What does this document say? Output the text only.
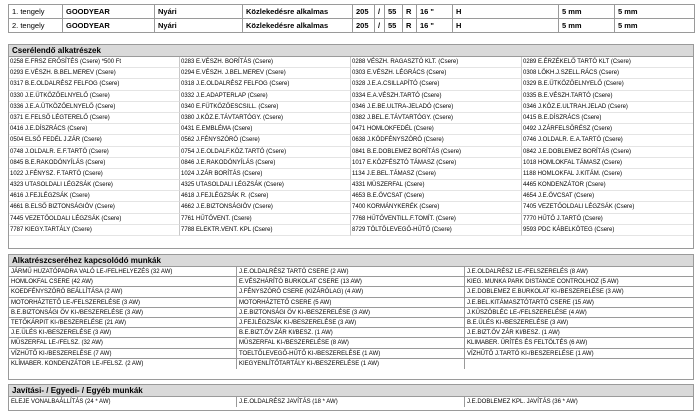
1. tengely	GOODYEAR	Nyári	Közlekedésre alkalmas	205	/	55	R	16 "	H	5 mm	5 mm
2. tengely	GOODYEAR	Nyári	Közlekedésre alkalmas	205	/	55	R	16 "	H	5 mm	5 mm
Cserélendő alkatrészek
0258 E.FRSZ ERŐSÍTÉS (Csere) *500 Ft	0283 E.VÉSZH. BORÍTÁS (Csere)	0288 VÉSZH. RAGASZTÓ KLT. (Csere)	0289 E.ÉRZÉKELŐ TARTÓ KLT (Csere)
0293 E.VÉSZH. B.BEL.MEREV (Csere)	0294 E.VÉSZH. J.BEL.MEREV (Csere)	0303 E.VÉSZH. LÉGRÁCS (Csere)	0308 LÖKH.J.SZELL.RÁCS (Csere)
0317 B.E.OLDALRÉSZ FELFOG (Csere)	0318 J.E.OLDALRÉSZ FELFOG (Csere)	0328 J.E.A.CSILLAPÍTÓ (Csere)	0329 B.E.ÜTKÖZŐELNYELŐ (Csere)
0330 J.E.ÜTKÖZŐELNYELŐ (Csere)	0332 J.E.ADAPTERLAP (Csere)	0334 E.A.VÉSZH.TARTÓ (Csere)	0335 B.E.VÉSZH.TARTÓ (Csere)
0336 J.E.A.ÜTKÖZŐELNYELŐ (Csere)	0340 E.FÜTKÖZŐESCSILL. (Csere)	0346 J.E.BE.ULTRA-JELADÓ (Csere)	0346 J.KÖZ.E.ULTRAH.JELAD (Csere)
0371 E.FELSŐ LÉGTERELŐ (Csere)	0380 J.KÖZ.E.TÁVTARTÓGY. (Csere)	0382 J.BEL.E.TÁVTARTÓGY. (Csere)	0415 B.E.DÍSZRÁCS (Csere)
0416 J.E.DÍSZRÁCS (Csere)	0431 E.EMBLÉMA (Csere)	0471 HOMLOKFEDÉL (Csere)	0492 J.ZÁRFELSŐRÉSZ (Csere)
0504 ELSŐ FEDÉL J.ZÁR (Csere)	0562 J.FÉNYSZÓRÓ (Csere)	0638 J.KÖDFÉNYSZÓRÓ (Csere)	0746 J.OLDALR. E.A.TARTÓ (Csere)
0748 J.OLDALR. E.F.TARTÓ (Csere)	0754 J.E.OLDALF.KÖZ.TARTÓ (Csere)	0841 B.E.DOBLEMEZ BORÍTÁS (Csere)	0842 J.E.DOBLEMEZ BORÍTÁS (Csere)
0845 B.E.RAKODÓNYÍLÁS (Csere)	0846 J.E.RAKODÓNYÍLÁS (Csere)	1017 E.KÖZFÉSZTÓ TÁMASZ (Csere)	1018 HOMLOKFAL TÁMASZ (Csere)
1022 J.FÉNYSZ. F.TARTÓ (Csere)	1024 J.ZÁR BORÍTÁS (Csere)	1134 J.E.BEL.TÁMASZ (Csere)	1188 HOMLOKFAL J.KITÁM. (Csere)
4323 UTASOLDALI LÉGZSÁK (Csere)	4325 UTASOLDALI LÉGZSÁK (Csere)	4331 MÜSZERFAL (Csere)	4465 KONDENZÁTOR (Csere)
4616 J.FEJLÉGZSÁK (Csere)	4618 J.FEJLÉGZSÁK R. (Csere)	4653 B.E.ÖVCSAT (Csere)	4654 J.E.ÖVCSAT (Csere)
4661 B.ELSŐ BIZTONSÁGIÖV (Csere)	4662 J.E.BIZTONSÁGIÖV (Csere)	7400 KORMÁNYKERÉK (Csere)	7405 VEZETŐOLDALI LÉGZSÁK (Csere)
7445 VEZETŐOLDALI LÉGZSÁK (Csere)	7761 HŰTŐVENT. (Csere)	7768 HŰTŐVENTILL.F.TOMÍT. (Csere)	7770 HŰTŐ J.TARTÓ (Csere)
7787 KIEGY.TARTÁLY (Csere)	7788 ELEKTR.VENT. KPL (Csere)	8729 TÖLTŐLEVEGŐ-HŰTŐ (Csere)	9593 PDC KÁBELKÖTEG (Csere)
Alkatrészcseréhez kapcsolódó munkák
JÁRMŰ HUZATÓPADRA VALÓ LE-/FELHELYEZÉS (32 AW)	J.E.OLDALRÉSZ TARTÓ CSERE (2 AW)	J.E.OLDALRÉSZ LE-/FELSZERELÉS (8 AW)
HOMLOKFAL CSERE (42 AW)	E.VÉSZHÁRÍTÓ BURKOLAT CSERE (13 AW)	KIEG. MUNKA PARK DISTANCE CONTROLHOZ (5 AW)
KOEDFÉNYSZÓRÓ BEÁLLÍTÁSA (2 AW)	J.FÉNYSZÓRÓ CSERE (KIZÁRÓLAG) (4 AW)	J.E.DOBLEMEZ E.BURKOLAT KI-/BESZERELÉSE (3 AW)
MOTORHÁZTETŐ LE-/FELSZERELÉSE (3 AW)	MOTORHÁZTETŐ CSERE (5 AW)	J.E.BEL.KITÁMASZTÓTARTÓ CSERE (15 AW)
B.E.BIZTONSÁGI ÖV KI-/BESZERELÉSE (3 AW)	J.E.BIZTONSÁGI ÖV KI-/BESZERELÉSE (3 AW)	J.KÜSZÖBLÉC LE-/FELSZERELÉSE (4 AW)
TETŐKÁRPIT KI-/BESZERELÉSE (21 AW)	J.FEJLÉGZSÁK KI-/BESZERELÉSE (3 AW)	B.E.ÜLÉS KI-/BESZERELÉSE (3 AW)
J.E.ÜLÉS KI-/BESZERELÉSE (3 AW)	B.E.BIZT.ÖV ZÁR KI/BESZ. (1 AW)	J.E.BIZT.ÖV ZÁR KI/BESZ. (1 AW)
MÜSZERFAL LE-/FELSZ. (32 AW)	MÜSZERFAL KI-/BESZERELÉSE (8 AW)	KLIMABER. ÜRÍTÉS ÉS FELTÖLTÉS (6 AW)
VÍZHŰTŐ KI-/BESZERELÉSE (7 AW)	TOELTŐLEVEGŐ-HŰTŐ KI-/BESZERELÉSE (1 AW)	VÍZHŰTŐ J.TARTÓ KI-/BESZERELÉSE (1 AW)
KLÍMABER. KONDENZÁTOR LE-/FELSZ. (2 AW)	KIEGYENLÍTŐTARTÁLY KI-/BESZERELÉSE (1 AW)
Javítási- / Egyedi- / Egyéb munkák
ELEJE VONALBAÁLLÍTÁS (24 * AW)	J.E.OLDALRÉSZ JAVÍTÁS (18 * AW)	J.E.DOBLEMEZ KPL. JAVÍTÁS (36 * AW)
